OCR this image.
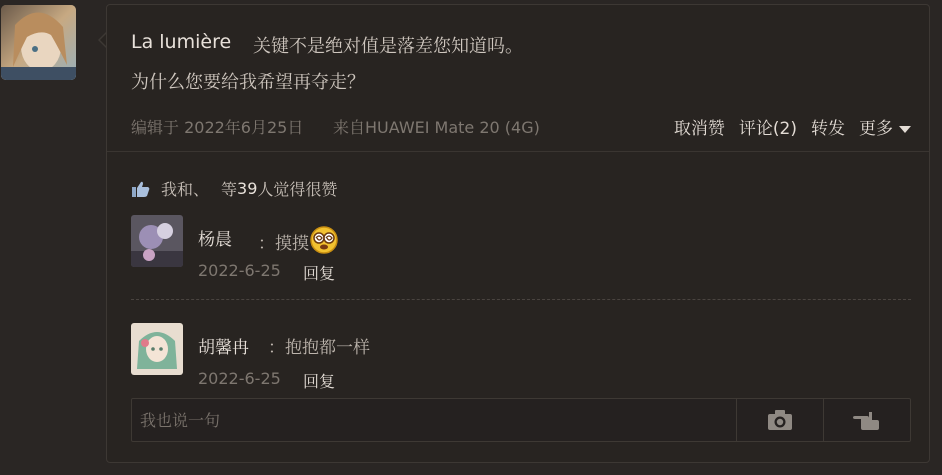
La lumière 关键不是绝对值是落差您知道吗。
为什么您要给我希望再夺走？
编辑于 2022年6月25日 来自HUAWEI Mate 20 (4G)	取消赞 评论(2) 转发 更多
我和、 等 39 人觉得很赞
杨晨 ：摸摸
2022-6-25 回复
胡馨冉 ：抱抱都一样
2022-6-25 回复
我也说一句
